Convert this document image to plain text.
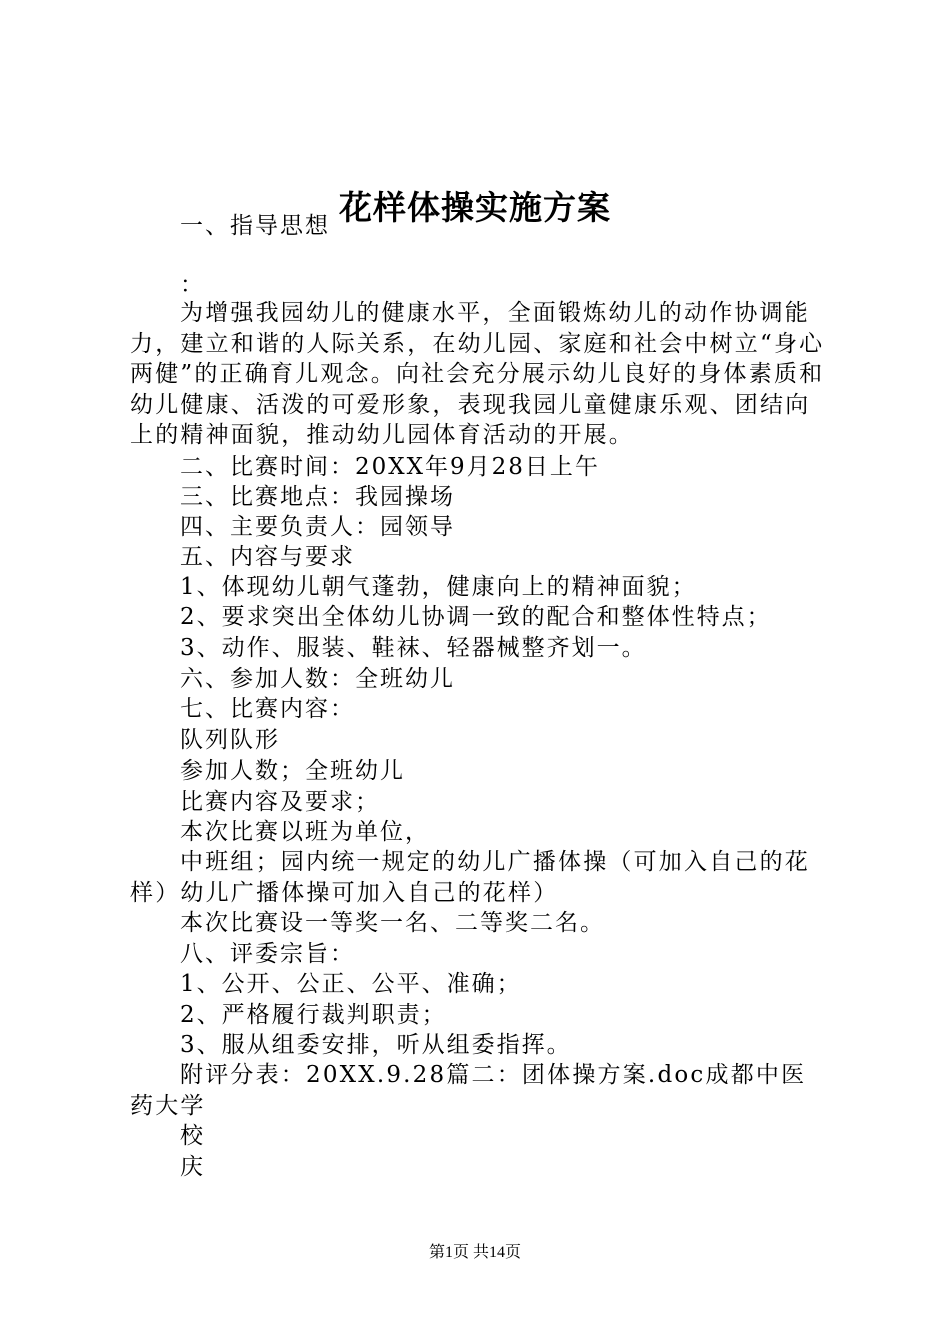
花样体操实施方案
一、指导思想
：
为增强我园幼儿的健康水平，全面锻炼幼儿的动作协调能力，建立和谐的人际关系，在幼儿园、家庭和社会中树立“身心两健”的正确育儿观念。向社会充分展示幼儿良好的身体素质和幼儿健康、活泼的可爱形象，表现我园儿童健康乐观、团结向上的精神面貌，推动幼儿园体育活动的开展。
二、比赛时间：20XX年9月28日上午
三、比赛地点：我园操场
四、主要负责人：园领导
五、内容与要求
1、体现幼儿朝气蓬勃，健康向上的精神面貌；
2、要求突出全体幼儿协调一致的配合和整体性特点；
3、动作、服装、鞋袜、轻器械整齐划一。
六、参加人数：全班幼儿
七、比赛内容：
队列队形
参加人数；全班幼儿
比赛内容及要求；
本次比赛以班为单位，
中班组；园内统一规定的幼儿广播体操（可加入自己的花样）幼儿广播体操可加入自己的花样）
本次比赛设一等奖一名、二等奖二名。
八、评委宗旨：
1、公开、公正、公平、准确；
2、严格履行裁判职责；
3、服从组委安排，听从组委指挥。
附评分表：20XX.9.28篇二：团体操方案.doc成都中医药大学
校
庆
第1页 共14页
